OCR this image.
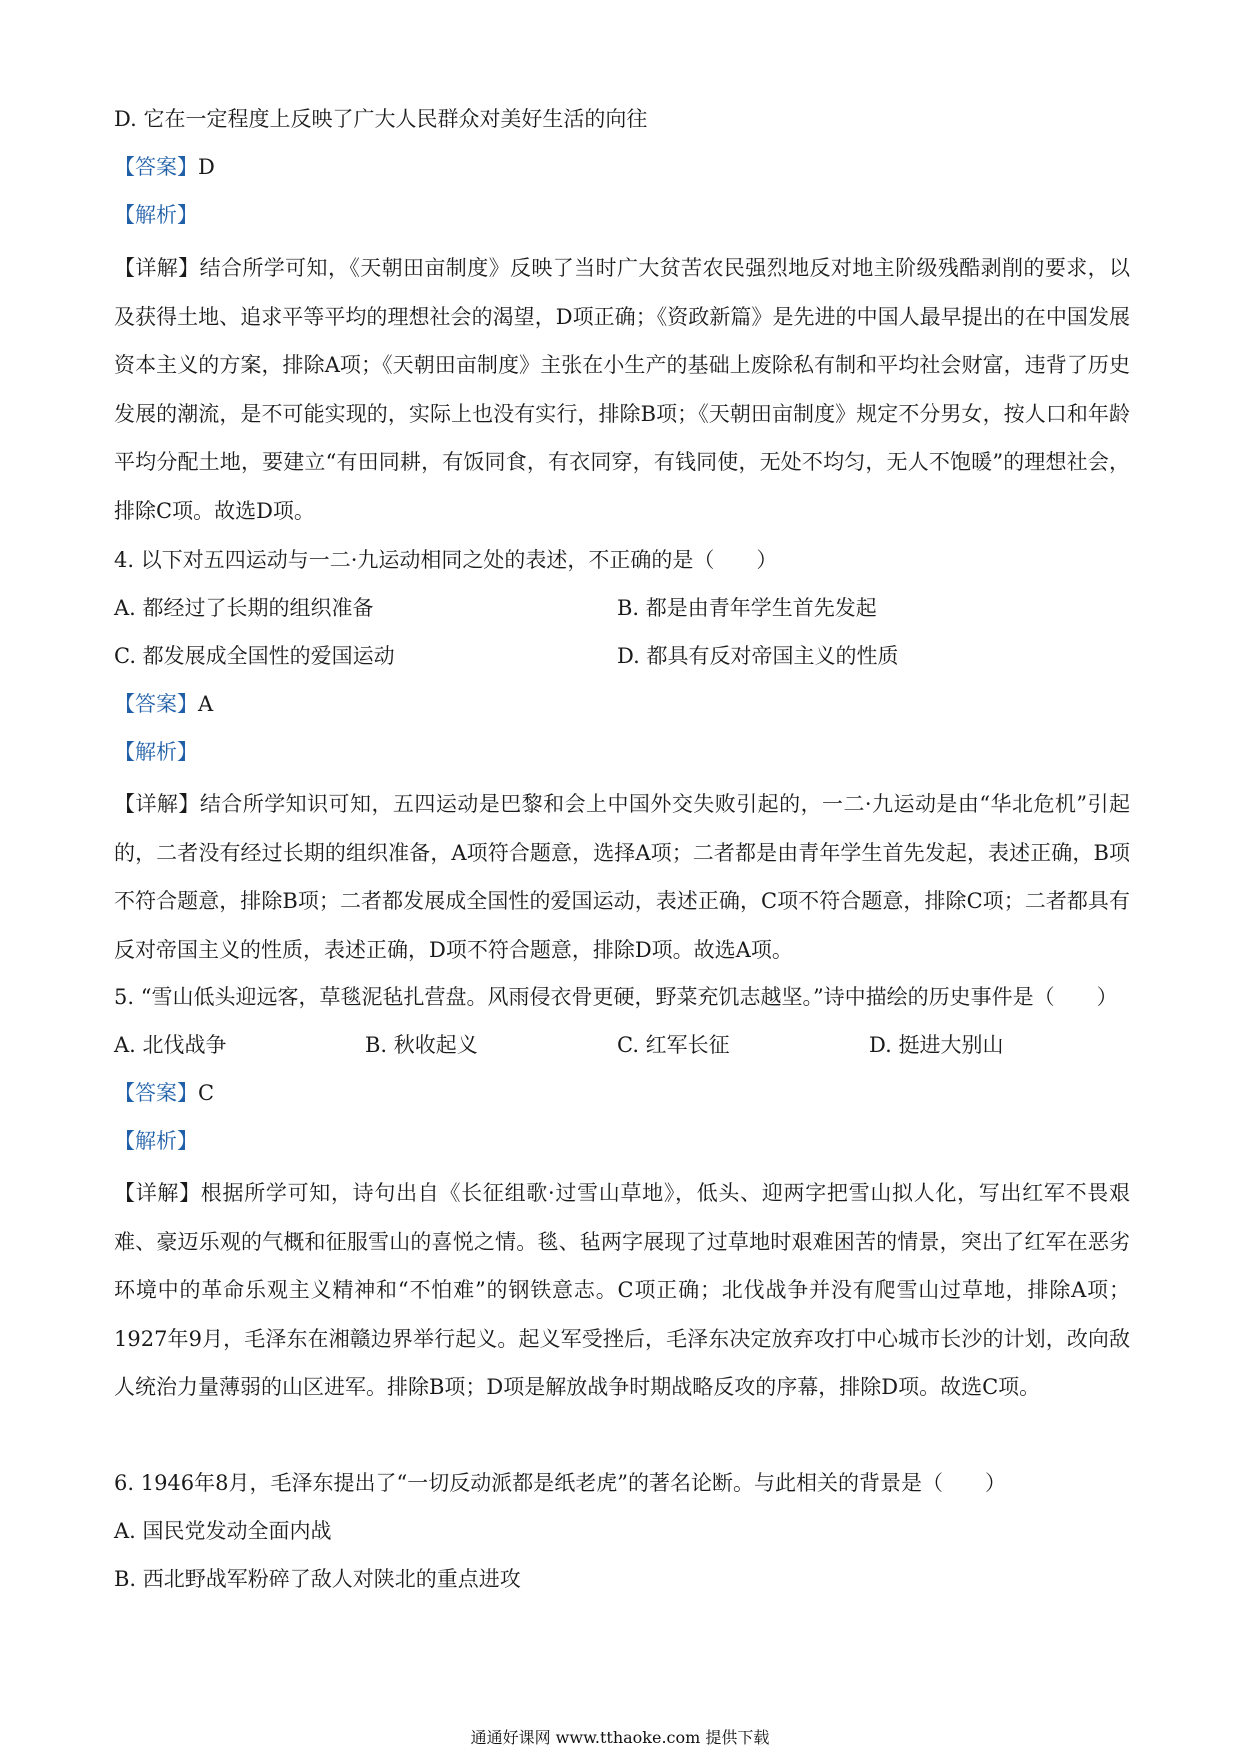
D. 它在一定程度上反映了广大人民群众对美好生活的向往
【答案】D
【解析】
【详解】结合所学可知，《天朝田亩制度》反映了当时广大贫苦农民强烈地反对地主阶级残酷剥削的要求，以及获得土地、追求平等平均的理想社会的渴望，D项正确；《资政新篇》是先进的中国人最早提出的在中国发展资本主义的方案，排除A项；《天朝田亩制度》主张在小生产的基础上废除私有制和平均社会财富，违背了历史发展的潮流，是不可能实现的，实际上也没有实行，排除B项；《天朝田亩制度》规定不分男女，按人口和年龄平均分配土地，要建立“有田同耕，有饭同食，有衣同穿，有钱同使，无处不均匀，无人不饱暖”的理想社会，排除C项。故选D项。
4. 以下对五四运动与一二·九运动相同之处的表述，不正确的是（　　）
A. 都经过了长期的组织准备	B. 都是由青年学生首先发起
C. 都发展成全国性的爱国运动	D. 都具有反对帝国主义的性质
【答案】A
【解析】
【详解】结合所学知识可知，五四运动是巴黎和会上中国外交失败引起的，一二·九运动是由“华北危机”引起的，二者没有经过长期的组织准备，A项符合题意，选择A项；二者都是由青年学生首先发起，表述正确，B项不符合题意，排除B项；二者都发展成全国性的爱国运动，表述正确，C项不符合题意，排除C项；二者都具有反对帝国主义的性质，表述正确，D项不符合题意，排除D项。故选A项。
5. “雪山低头迎远客，草毯泥毡扎营盘。风雨侵衣骨更硬，野菜充饥志越坚。”诗中描绘的历史事件是（　　）
A. 北伐战争	B. 秋收起义	C. 红军长征	D. 挺进大别山
【答案】C
【解析】
【详解】根据所学可知，诗句出自《长征组歌·过雪山草地》，低头、迎两字把雪山拟人化，写出红军不畏艰难、豪迈乐观的气概和征服雪山的喜悦之情。毯、毡两字展现了过草地时艰难困苦的情景，突出了红军在恶劣环境中的革命乐观主义精神和“不怕难”的钢铁意志。C项正确；北伐战争并没有爬雪山过草地，排除A项；1927年9月，毛泽东在湘赣边界举行起义。起义军受挫后，毛泽东决定放弃攻打中心城市长沙的计划，改向敌人统治力量薄弱的山区进军。排除B项；D项是解放战争时期战略反攻的序幕，排除D项。故选C项。
6. 1946年8月，毛泽东提出了“一切反动派都是纸老虎”的著名论断。与此相关的背景是（　　）
A. 国民党发动全面内战
B. 西北野战军粉碎了敌人对陕北的重点进攻
通通好课网 www.tthaoke.com 提供下载
